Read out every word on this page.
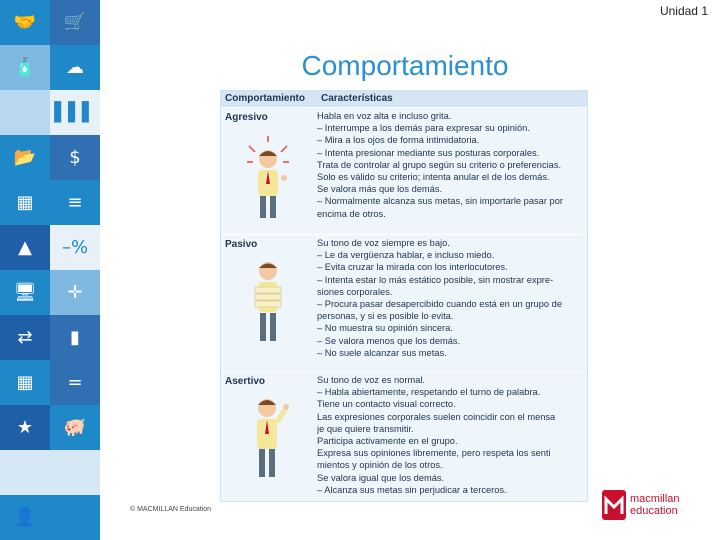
🤝	🛒
🧴	☁
▌▌▌
📂	$
▦	≡
▲	–%
🖥	✛
⇄	▮
▦	=
★	🐖
👤
Unidad 1
Comportamiento
Comportamiento	Características
Agresivo	Habla en voz alta e incluso grita.
– Interrumpe a los demás para expresar su opinión.
– Mira a los ojos de forma intimidatoria.
– Intenta presionar mediante sus posturas corporales.
Trata de controlar al grupo según su criterio o preferencias.
Solo es válido su criterio; intenta anular el de los demás.
Se valora más que los demás.
– Normalmente alcanza sus metas, sin importarle pasar por
encima de otros.
Pasivo	Su tono de voz siempre es bajo.
– Le da vergüenza hablar, e incluso miedo.
– Evita cruzar la mirada con los interlocutores.
– Intenta estar lo más estático posible, sin mostrar expre-
siones corporales.
– Procura pasar desapercibido cuando está en un grupo de
personas, y si es posible lo evita.
– No muestra su opinión sincera.
– Se valora menos que los demás.
– No suele alcanzar sus metas.
Asertivo	Su tono de voz es normal.
– Habla abiertamente, respetando el turno de palabra.
Tiene un contacto visual correcto.
Las expresiones corporales suelen coincidir con el mensa
je que quiere transmitir.
Participa activamente en el grupo.
Expresa sus opiniones libremente, pero respeta los senti
mientos y opinión de los otros.
Se valora igual que los demás.
– Alcanza sus metas sin perjudicar a terceros.
© MACMILLAN Education
macmillan
education
